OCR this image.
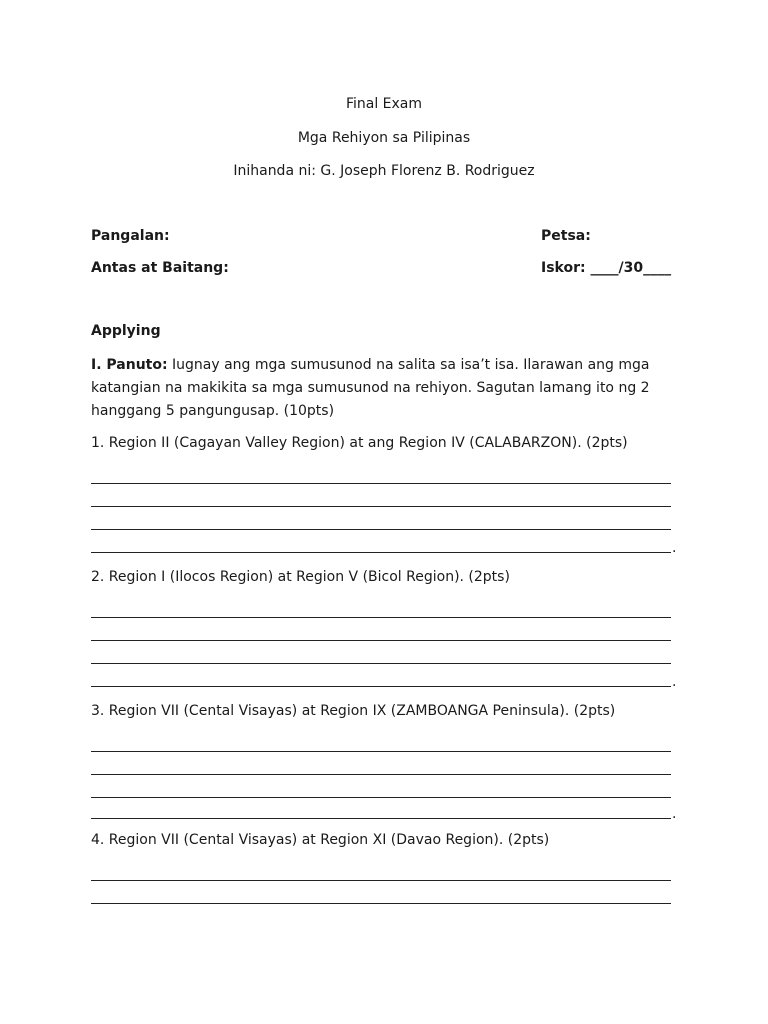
Final Exam
Mga Rehiyon sa Pilipinas
Inihanda ni: G. Joseph Florenz B. Rodriguez
Pangalan:	Petsa:
Antas at Baitang:	Iskor: ____/30____
Applying
I. Panuto: Iugnay ang mga sumusunod na salita sa isa’t isa. Ilarawan ang mga katangian na makikita sa mga sumusunod na rehiyon. Sagutan lamang ito ng 2 hanggang 5 pangungusap. (10pts)
1. Region II (Cagayan Valley Region) at ang Region IV (CALABARZON). (2pts)
.
2. Region I (Ilocos Region) at Region V (Bicol Region). (2pts)
.
3. Region VII (Cental Visayas) at Region IX (ZAMBOANGA Peninsula). (2pts)
.
4. Region VII (Cental Visayas) at Region XI (Davao Region). (2pts)
